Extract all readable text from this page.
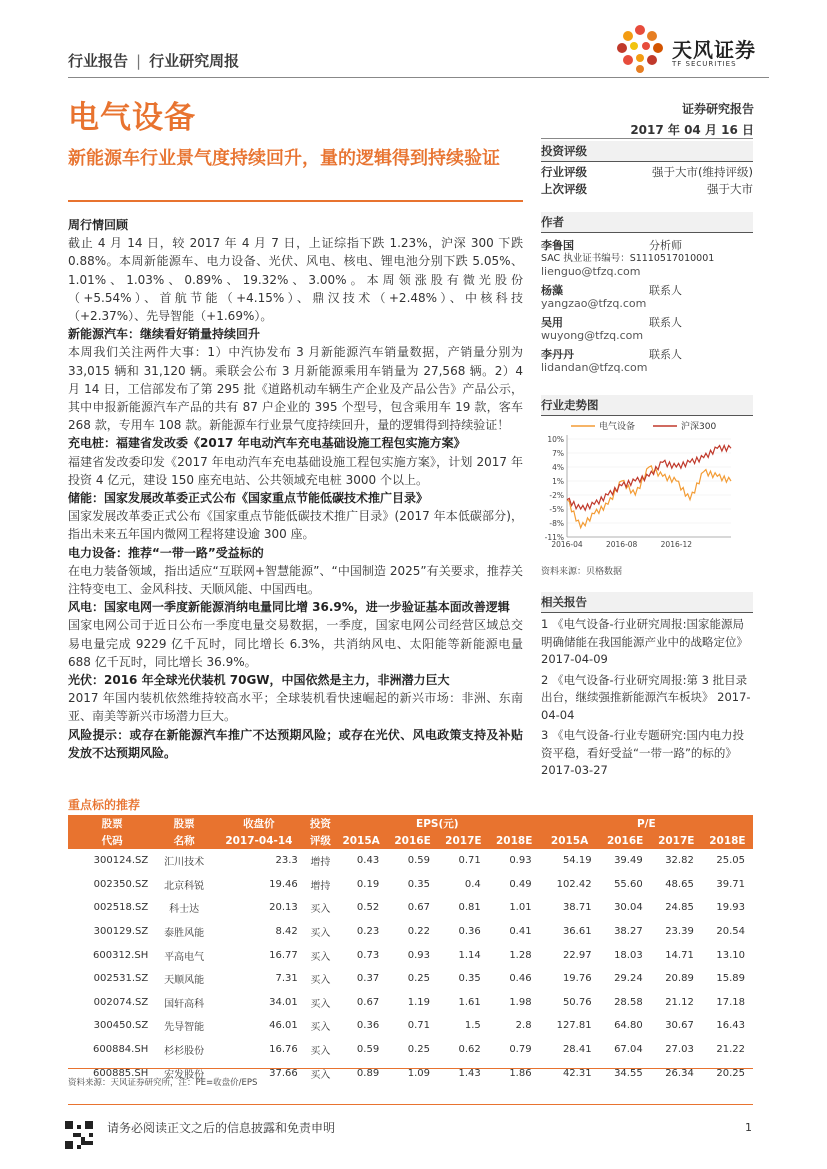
行业报告 | 行业研究周报	天风证券
TF SECURITIES
电气设备	证券研究报告
2017 年 04 月 16 日
新能源车行业景气度持续回升，量的逻辑得到持续验证

周行情回顾

截止 4 月 14 日，较 2017 年 4 月 7 日，上证综指下跌 1.23%，沪深 300 下跌 0.88%。本周新能源车、电力设备、光伏、风电、核电、锂电池分别下跌 5.05%、1.01%、1.03%、0.89%、19.32%、3.00%。本周领涨股有微光股份（+5.54%）、首航节能（+4.15%）、鼎汉技术（+2.48%）、中核科技（+2.37%）、先导智能（+1.69%）。

新能源汽车：继续看好销量持续回升

本周我们关注两件大事：1）中汽协发布 3 月新能源汽车销量数据，产销量分别为 33,015 辆和 31,120 辆。乘联会公布 3 月新能源乘用车销量为 27,568 辆。2）4 月 14 日，工信部发布了第 295 批《道路机动车辆生产企业及产品公告》产品公示，其中申报新能源汽车产品的共有 87 户企业的 395 个型号，包含乘用车 19 款，客车 268 款，专用车 108 款。新能源车行业景气度持续回升，量的逻辑得到持续验证！

充电桩：福建省发改委《2017 年电动汽车充电基础设施工程包实施方案》

福建省发改委印发《2017 年电动汽车充电基础设施工程包实施方案》，计划 2017 年投资 4 亿元，建设 150 座充电站、公共领域充电桩 3000 个以上。

储能：国家发展改革委正式公布《国家重点节能低碳技术推广目录》

国家发展改革委正式公布《国家重点节能低碳技术推广目录》(2017 年本低碳部分)，指出未来五年国内微网工程将建设逾 300 座。

电力设备：推荐“一带一路”受益标的

在电力装备领域，指出适应“互联网+智慧能源”、“中国制造 2025”有关要求，推荐关注特变电工、金风科技、天顺风能、中国西电。

风电：国家电网一季度新能源消纳电量同比增 36.9%，进一步验证基本面改善逻辑

国家电网公司于近日公布一季度电量交易数据，一季度，国家电网公司经营区域总交易电量完成 9229 亿千瓦时，同比增长 6.3%，共消纳风电、太阳能等新能源电量 688 亿千瓦时，同比增长 36.9%。

光伏：2016 年全球光伏装机 70GW，中国依然是主力，非洲潜力巨大

2017 年国内装机依然维持较高水平；全球装机看快速崛起的新兴市场：非洲、东南亚、南美等新兴市场潜力巨大。

风险提示：或存在新能源汽车推广不达预期风险；或存在光伏、风电政策支持及补贴发放不达预期风险。

投资评级
行业评级	强于大市(维持评级)
上次评级	强于大市
作者
李鲁国	分析师
SAC 执业证书编号：S1110517010001
lienguo@tfzq.com
杨藻	联系人
yangzao@tfzq.com
吴用	联系人
wuyong@tfzq.com
李丹丹	联系人
lidandan@tfzq.com
行业走势图
电气设备	沪深300
10%
7%
4%
1%
-2%
-5%
-8%
-11%
2016-04	2016-08	2016-12
资料来源：贝格数据
相关报告
1 《电气设备-行业研究周报:国家能源局明确储能在我国能源产业中的战略定位》 2017-04-09
2 《电气设备-行业研究周报:第 3 批目录出台，继续强推新能源汽车板块》 2017-04-04
3 《电气设备-行业专题研究:国内电力投资平稳，看好受益“一带一路”的标的》 2017-03-27
重点标的推荐
股票	股票	收盘价	投资	EPS(元)				P/E			
代码	名称	2017-04-14	评级	2015A	2016E	2017E	2018E	2015A	2016E	2017E	2018E
300124.SZ	汇川技术	23.3	增持	0.43	0.59	0.71	0.93	54.19	39.49	32.82	25.05
002350.SZ	北京科锐	19.46	增持	0.19	0.35	0.4	0.49	102.42	55.60	48.65	39.71
002518.SZ	科士达	20.13	买入	0.52	0.67	0.81	1.01	38.71	30.04	24.85	19.93
300129.SZ	泰胜风能	8.42	买入	0.23	0.22	0.36	0.41	36.61	38.27	23.39	20.54
600312.SH	平高电气	16.77	买入	0.73	0.93	1.14	1.28	22.97	18.03	14.71	13.10
002531.SZ	天顺风能	7.31	买入	0.37	0.25	0.35	0.46	19.76	29.24	20.89	15.89
002074.SZ	国轩高科	34.01	买入	0.67	1.19	1.61	1.98	50.76	28.58	21.12	17.18
300450.SZ	先导智能	46.01	买入	0.36	0.71	1.5	2.8	127.81	64.80	30.67	16.43
600884.SH	杉杉股份	16.76	买入	0.59	0.25	0.62	0.79	28.41	67.04	27.03	21.22
600885.SH	宏发股份	37.66	买入	0.89	1.09	1.43	1.86	42.31	34.55	26.34	20.25
资料来源：天风证券研究所，注：PE=收盘价/EPS
请务必阅读正文之后的信息披露和免责申明	1
